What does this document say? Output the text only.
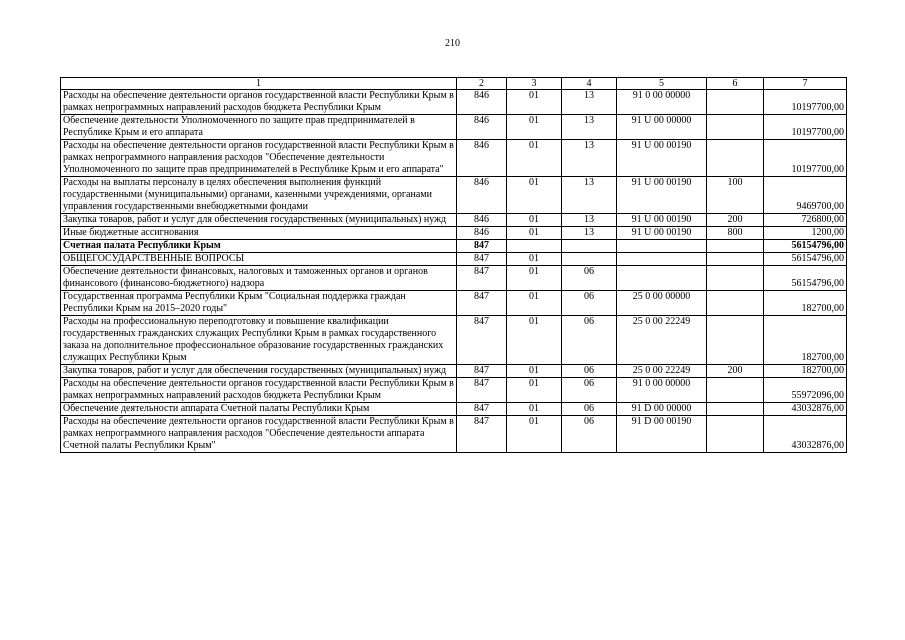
210
1	2	3	4	5	6	7
Расходы на обеспечение деятельности органов государственной власти Республики Крым в рамках непрограммных направлений расходов бюджета Республики Крым	846	01	13	91 0 00 00000		10197700,00
Обеспечение деятельности Уполномоченного по защите прав предпринимателей в Республике Крым и его аппарата	846	01	13	91 U 00 00000		10197700,00
Расходы на обеспечение деятельности органов государственной власти Республики Крым в рамках непрограммного направления расходов "Обеспечение деятельности Уполномоченного по защите прав предпринимателей в Республике Крым и его аппарата"	846	01	13	91 U 00 00190		10197700,00
Расходы на выплаты персоналу в целях обеспечения выполнения функций государственными (муниципальными) органами, казенными учреждениями, органами управления государственными внебюджетными фондами	846	01	13	91 U 00 00190	100	9469700,00
Закупка товаров, работ и услуг для обеспечения государственных (муниципальных) нужд	846	01	13	91 U 00 00190	200	726800,00
Иные бюджетные ассигнования	846	01	13	91 U 00 00190	800	1200,00
Счетная палата Республики Крым	847					56154796,00
ОБЩЕГОСУДАРСТВЕННЫЕ ВОПРОСЫ	847	01				56154796,00
Обеспечение деятельности финансовых, налоговых и таможенных органов и органов финансового (финансово-бюджетного) надзора	847	01	06			56154796,00
Государственная программа Республики Крым "Социальная поддержка граждан Республики Крым на 2015–2020 годы"	847	01	06	25 0 00 00000		182700,00
Расходы на профессиональную переподготовку и повышение квалификации государственных гражданских служащих Республики Крым в рамках государственного заказа на дополнительное профессиональное образование государственных гражданских служащих Республики Крым	847	01	06	25 0 00 22249		182700,00
Закупка товаров, работ и услуг для обеспечения государственных (муниципальных) нужд	847	01	06	25 0 00 22249	200	182700,00
Расходы на обеспечение деятельности органов государственной власти Республики Крым в рамках непрограммных направлений расходов бюджета Республики Крым	847	01	06	91 0 00 00000		55972096,00
Обеспечение деятельности аппарата Счетной палаты Республики Крым	847	01	06	91 D 00 00000		43032876,00
Расходы на обеспечение деятельности органов государственной власти Республики Крым в рамках непрограммного направления расходов "Обеспечение деятельности аппарата Счетной палаты Республики Крым"	847	01	06	91 D 00 00190		43032876,00
